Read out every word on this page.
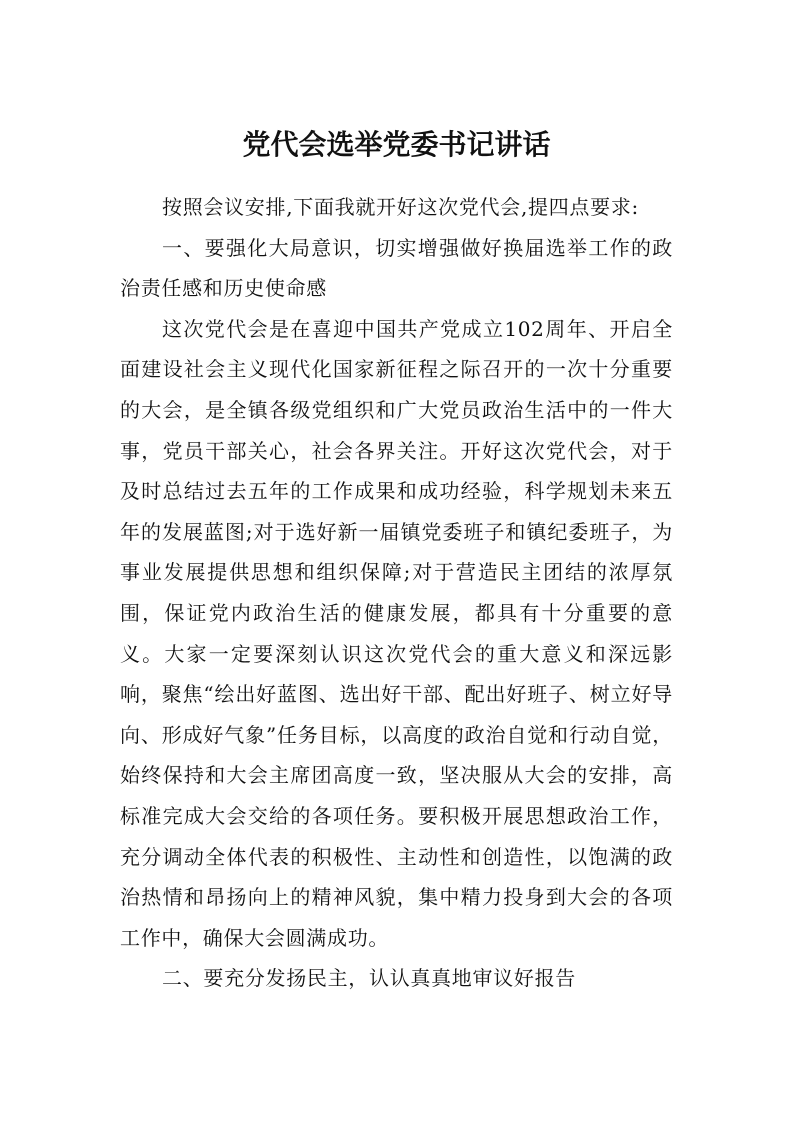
党代会选举党委书记讲话

按照会议安排,下面我就开好这次党代会,提四点要求:

一、要强化大局意识，切实增强做好换届选举工作的政治责任感和历史使命感

这次党代会是在喜迎中国共产党成立102周年、开启全面建设社会主义现代化国家新征程之际召开的一次十分重要的大会，是全镇各级党组织和广大党员政治生活中的一件大事，党员干部关心，社会各界关注。开好这次党代会，对于及时总结过去五年的工作成果和成功经验，科学规划未来五年的发展蓝图;对于选好新一届镇党委班子和镇纪委班子，为事业发展提供思想和组织保障;对于营造民主团结的浓厚氛围，保证党内政治生活的健康发展，都具有十分重要的意义。大家一定要深刻认识这次党代会的重大意义和深远影响，聚焦“绘出好蓝图、选出好干部、配出好班子、树立好导向、形成好气象”任务目标，以高度的政治自觉和行动自觉，始终保持和大会主席团高度一致，坚决服从大会的安排，高标准完成大会交给的各项任务。要积极开展思想政治工作，充分调动全体代表的积极性、主动性和创造性，以饱满的政治热情和昂扬向上的精神风貌，集中精力投身到大会的各项工作中，确保大会圆满成功。

二、要充分发扬民主，认认真真地审议好报告
